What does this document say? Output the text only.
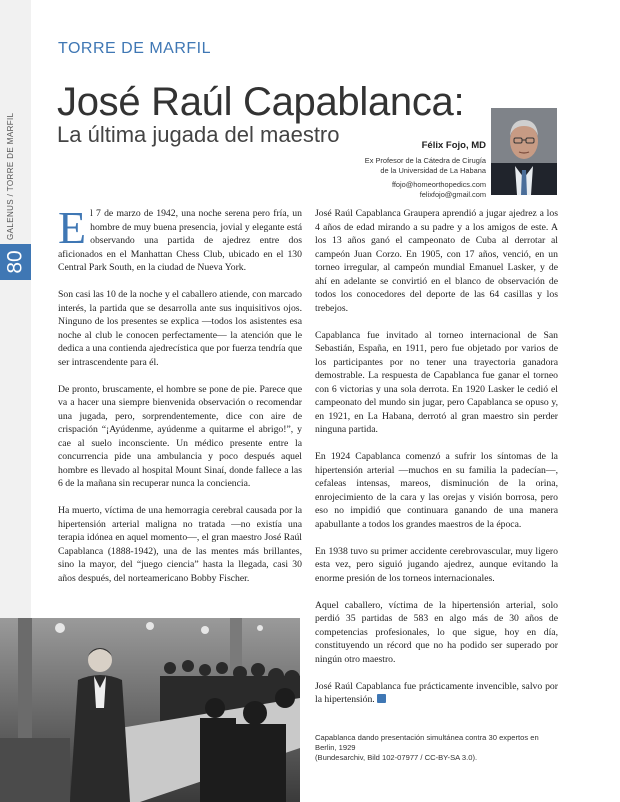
80
GALENUS / TORRE DE MARFIL
TORRE DE MARFIL
José Raúl Capablanca:
La última jugada del maestro	Félix Fojo, MD
Ex Profesor de la Cátedra de Cirugía
de la Universidad de La Habana
ffojo@homeorthopedics.com
felixfojo@gmail.com

El 7 de marzo de 1942, una noche serena pero fría, un hombre de muy buena presencia, jovial y elegante está observando una partida de ajedrez entre dos aficionados en el Manhattan Chess Club, ubicado en el 130 Central Park South, en la ciudad de Nueva York.

Son casi las 10 de la noche y el caballero atiende, con marcado interés, la partida que se desarrolla ante sus inquisitivos ojos. Ninguno de los presentes se explica —todos los asistentes esa noche al club le conocen perfectamente— la atención que le dedica a una contienda ajedrecística que por fuerza tendría que ser intrascendente para él.

De pronto, bruscamente, el hombre se pone de pie. Parece que va a hacer una siempre bienvenida observación o recomendar una jugada, pero, sorprendentemente, dice con aire de crispación “¡Ayúdenme, ayúdenme a quitarme el abrigo!”, y cae al suelo inconsciente. Un médico presente entre la concurrencia pide una ambulancia y poco después aquel hombre es llevado al hospital Mount Sinaí, donde fallece a las 6 de la mañana sin recuperar nunca la conciencia.

Ha muerto, víctima de una hemorragia cerebral causada por la hipertensión arterial maligna no tratada —no existía una terapia idónea en aquel momento—, el gran maestro José Raúl Capablanca (1888-1942), una de las mentes más brillantes, sino la mayor, del “juego ciencia” hasta la llegada, casi 30 años después, del norteamericano Bobby Fischer.

José Raúl Capablanca Graupera aprendió a jugar ajedrez a los 4 años de edad mirando a su padre y a los amigos de este. A los 13 años ganó el campeonato de Cuba al derrotar al campeón Juan Corzo. En 1905, con 17 años, venció, en un torneo irregular, al campeón mundial Emanuel Lasker, y de ahí en adelante se convirtió en el blanco de observación de todos los conocedores del deporte de las 64 casillas y los trebejos.

Capablanca fue invitado al torneo internacional de San Sebastián, España, en 1911, pero fue objetado por varios de los participantes por no tener una trayectoria ganadora demostrable. La respuesta de Capablanca fue ganar el torneo con 6 victorias y una sola derrota. En 1920 Lasker le cedió el campeonato del mundo sin jugar, pero Capablanca se opuso y, en 1921, en La Habana, derrotó al gran maestro sin perder ninguna partida.

En 1924 Capablanca comenzó a sufrir los síntomas de la hipertensión arterial —muchos en su familia la padecían—, cefaleas intensas, mareos, disminución de la orina, enrojecimiento de la cara y las orejas y visión borrosa, pero eso no impidió que continuara ganando de una manera apabullante a todos los grandes maestros de la época.

En 1938 tuvo su primer accidente cerebrovascular, muy ligero esta vez, pero siguió jugando ajedrez, aunque evitando la enorme presión de los torneos internacionales.

Aquel caballero, víctima de la hipertensión arterial, solo perdió 35 partidas de 583 en algo más de 30 años de competencias profesionales, lo que sigue, hoy en día, constituyendo un récord que no ha podido ser superado por ningún otro maestro.

José Raúl Capablanca fue prácticamente invencible, salvo por la hipertensión.

Capablanca dando presentación simultánea contra 30 expertos en Berlin, 1929
(Bundesarchiv, Bild 102-07977 / CC-BY-SA 3.0).
